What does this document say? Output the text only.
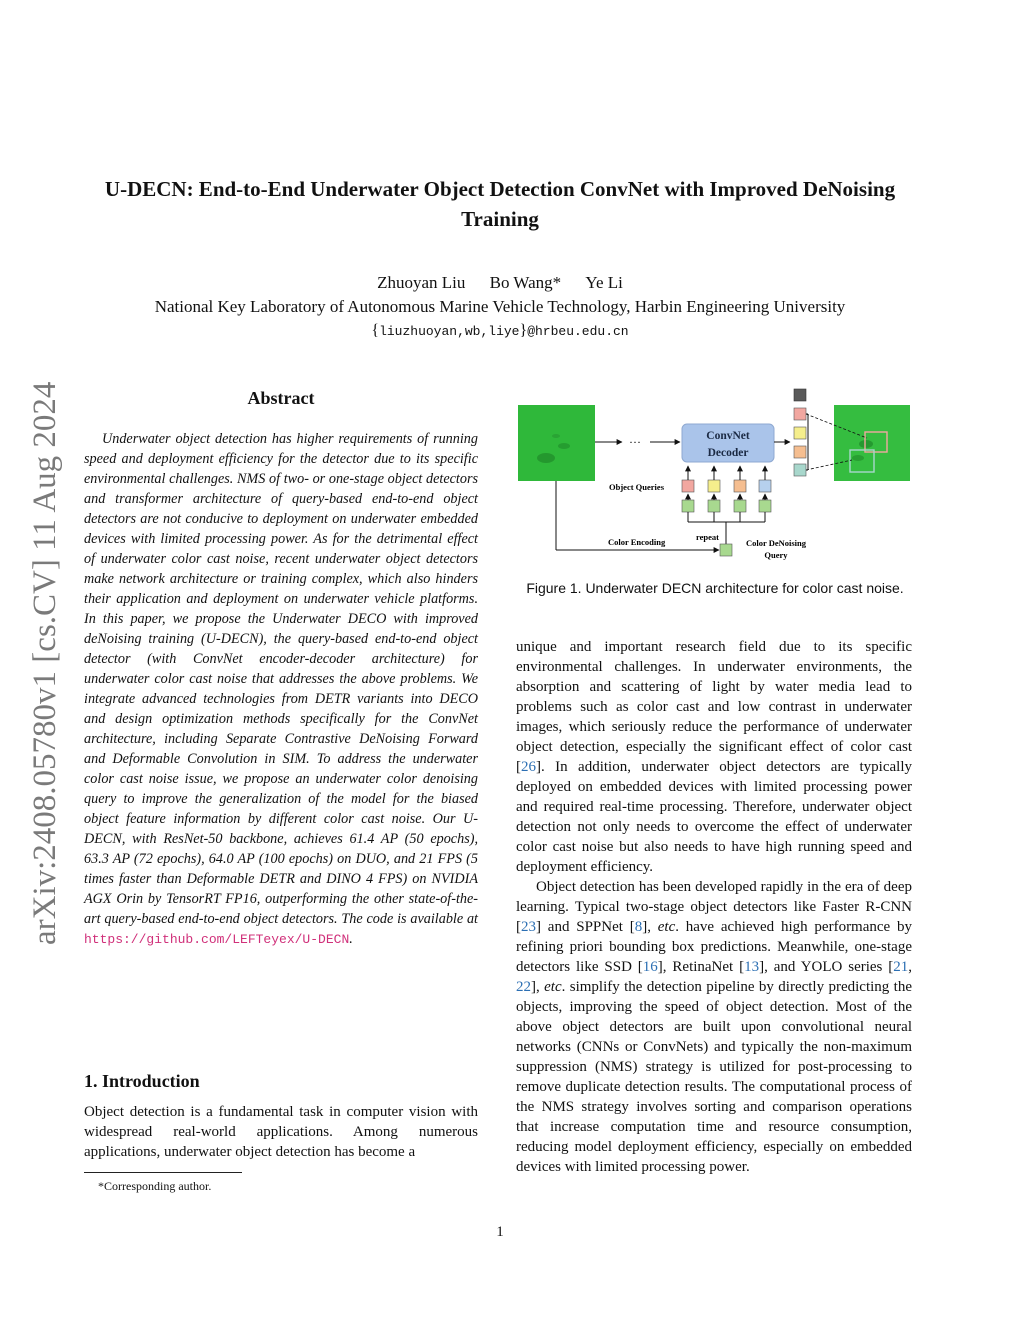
arXiv:2408.05780v1 [cs.CV] 11 Aug 2024
U-DECN: End-to-End Underwater Object Detection ConvNet with Improved DeNoising Training
Zhuoyan Liu Bo Wang* Ye Li
National Key Laboratory of Autonomous Marine Vehicle Technology, Harbin Engineering University
{liuzhuoyan,wb,liye}@hrbeu.edu.cn
Abstract

Underwater object detection has higher requirements of running speed and deployment efficiency for the detector due to its specific environmental challenges. NMS of two- or one-stage object detectors and transformer architecture of query-based end-to-end object detectors are not conducive to deployment on underwater embedded devices with limited processing power. As for the detrimental effect of underwater color cast noise, recent underwater object detectors make network architecture or training complex, which also hinders their application and deployment on underwater vehicle platforms. In this paper, we propose the Underwater DECO with improved deNoising training (U-DECN), the query-based end-to-end object detector (with ConvNet encoder-decoder architecture) for underwater color cast noise that addresses the above problems. We integrate advanced technologies from DETR variants into DECO and design optimization methods specifically for the ConvNet architecture, including Separate Contrastive DeNoising Forward and Deformable Convolution in SIM. To address the underwater color cast noise issue, we propose an underwater color denoising query to improve the generalization of the model for the biased object feature information by different color cast noise. Our U-DECN, with ResNet-50 backbone, achieves 61.4 AP (50 epochs), 63.3 AP (72 epochs), 64.0 AP (100 epochs) on DUO, and 21 FPS (5 times faster than Deformable DETR and DINO 4 FPS) on NVIDIA AGX Orin by TensorRT FP16, outperforming the other state-of-the-art query-based end-to-end object detectors. The code is available at https://github.com/LEFTeyex/U-DECN.

1. Introduction

Object detection is a fundamental task in computer vision with widespread real-world applications. Among numerous applications, underwater object detection has become a

*Corresponding author.
···	ConvNet
Decoder
Color Encoding
Object Queries
repeat
Color DeNoising
Query
Figure 1. Underwater DECN architecture for color cast noise.

unique and important research field due to its specific environmental challenges. In underwater environments, the absorption and scattering of light by water media lead to problems such as color cast and low contrast in underwater images, which seriously reduce the performance of underwater object detection, especially the significant effect of color cast [26]. In addition, underwater object detectors are typically deployed on embedded devices with limited processing power and required real-time processing. Therefore, underwater object detection not only needs to overcome the effect of underwater color cast noise but also needs to have high running speed and deployment efficiency.

Object detection has been developed rapidly in the era of deep learning. Typical two-stage object detectors like Faster R-CNN [23] and SPPNet [8], etc. have achieved high performance by refining priori bounding box predictions. Meanwhile, one-stage detectors like SSD [16], RetinaNet [13], and YOLO series [21, 22], etc. simplify the detection pipeline by directly predicting the objects, improving the speed of object detection. Most of the above object detectors are built upon convolutional neural networks (CNNs or ConvNets) and typically the non-maximum suppression (NMS) strategy is utilized for post-processing to remove duplicate detection results. The computational process of the NMS strategy involves sorting and comparison operations that increase computation time and resource consumption, reducing model deployment efficiency, especially on embedded devices with limited processing power.

1
